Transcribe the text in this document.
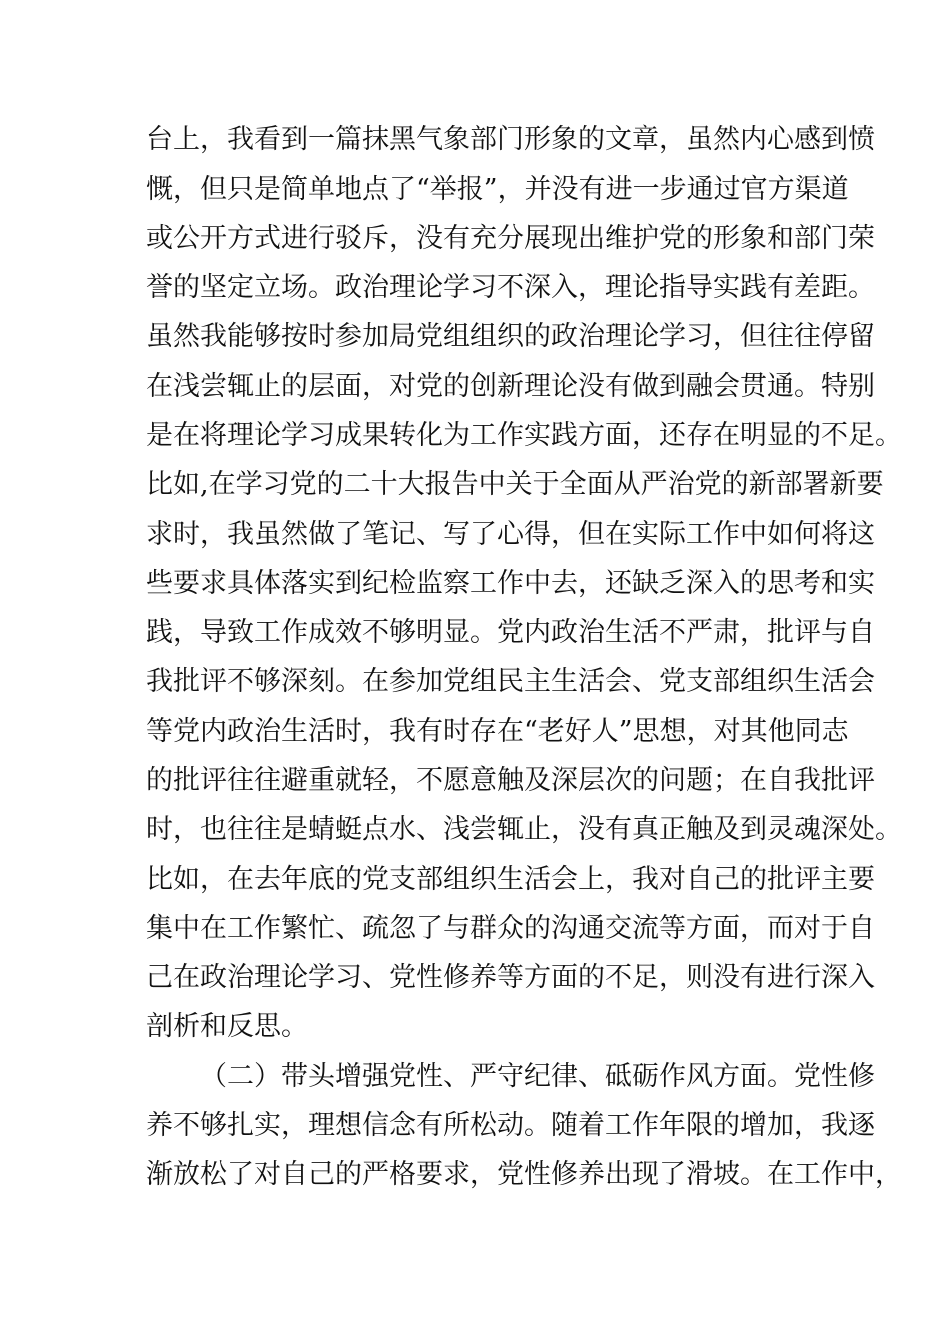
台上，我看到一篇抹黑气象部门形象的文章，虽然内心感到愤
慨，但只是简单地点了“举报”，并没有进一步通过官方渠道
或公开方式进行驳斥，没有充分展现出维护党的形象和部门荣
誉的坚定立场。政治理论学习不深入，理论指导实践有差距。
虽然我能够按时参加局党组组织的政治理论学习，但往往停留
在浅尝辄止的层面，对党的创新理论没有做到融会贯通。特别
是在将理论学习成果转化为工作实践方面，还存在明显的不足。
比如,在学习党的二十大报告中关于全面从严治党的新部署新要
求时，我虽然做了笔记、写了心得，但在实际工作中如何将这
些要求具体落实到纪检监察工作中去，还缺乏深入的思考和实
践，导致工作成效不够明显。党内政治生活不严肃，批评与自
我批评不够深刻。在参加党组民主生活会、党支部组织生活会
等党内政治生活时，我有时存在“老好人”思想，对其他同志
的批评往往避重就轻，不愿意触及深层次的问题；在自我批评
时，也往往是蜻蜓点水、浅尝辄止，没有真正触及到灵魂深处。
比如，在去年底的党支部组织生活会上，我对自己的批评主要
集中在工作繁忙、疏忽了与群众的沟通交流等方面，而对于自
己在政治理论学习、党性修养等方面的不足，则没有进行深入
剖析和反思。
（二）带头增强党性、严守纪律、砥砺作风方面。党性修
养不够扎实，理想信念有所松动。随着工作年限的增加，我逐
渐放松了对自己的严格要求，党性修养出现了滑坡。在工作中，
